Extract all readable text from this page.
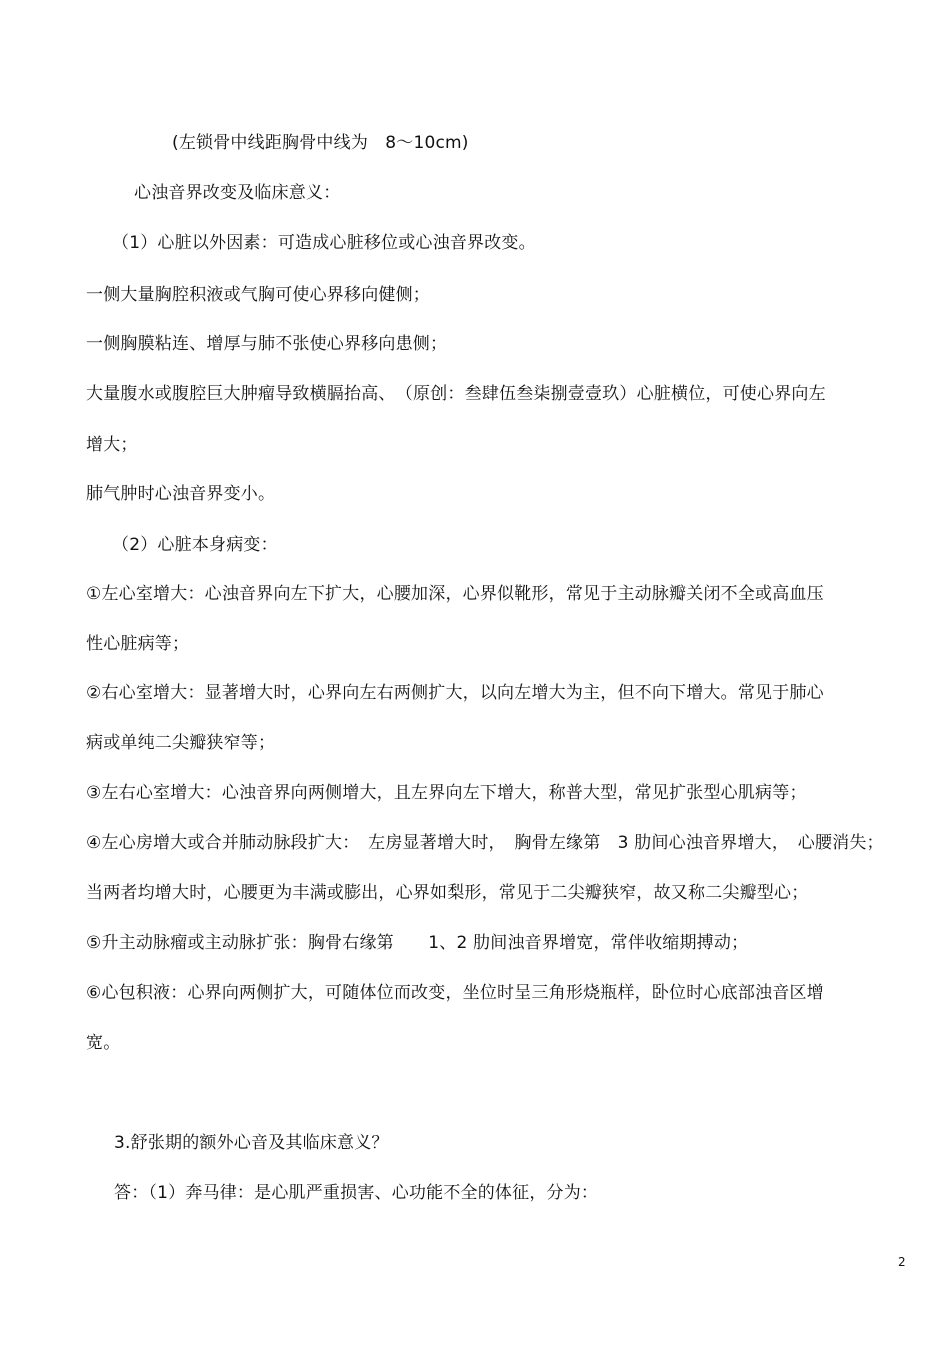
(左锁骨中线距胸骨中线为　8～10cm)
心浊音界改变及临床意义：
（1）心脏以外因素：可造成心脏移位或心浊音界改变。
一侧大量胸腔积液或气胸可使心界移向健侧；
一侧胸膜粘连、增厚与肺不张使心界移向患侧；
大量腹水或腹腔巨大肿瘤导致横膈抬高、　（原创：叁肆伍叁柒捌壹壹玖）心脏横位，可使心界向左
增大；
肺气肿时心浊音界变小。
（2）心脏本身病变：
①左心室增大：心浊音界向左下扩大，心腰加深，心界似靴形，常见于主动脉瓣关闭不全或高血压
性心脏病等；
②右心室增大：显著增大时，心界向左右两侧扩大，以向左增大为主，但不向下增大。常见于肺心
病或单纯二尖瓣狭窄等；
③左右心室增大：心浊音界向两侧增大，且左界向左下增大，称普大型，常见扩张型心肌病等；
④左心房增大或合并肺动脉段扩大：　左房显著增大时，　胸骨左缘第　3 肋间心浊音界增大，　心腰消失；
当两者均增大时，心腰更为丰满或膨出，心界如梨形，常见于二尖瓣狭窄，故又称二尖瓣型心；
⑤升主动脉瘤或主动脉扩张：胸骨右缘第　　1、2 肋间浊音界增宽，常伴收缩期搏动；
⑥心包积液：心界向两侧扩大，可随体位而改变，坐位时呈三角形烧瓶样，卧位时心底部浊音区增
宽。
3.舒张期的额外心音及其临床意义？
答：（1）奔马律：是心肌严重损害、心功能不全的体征，分为：
2
